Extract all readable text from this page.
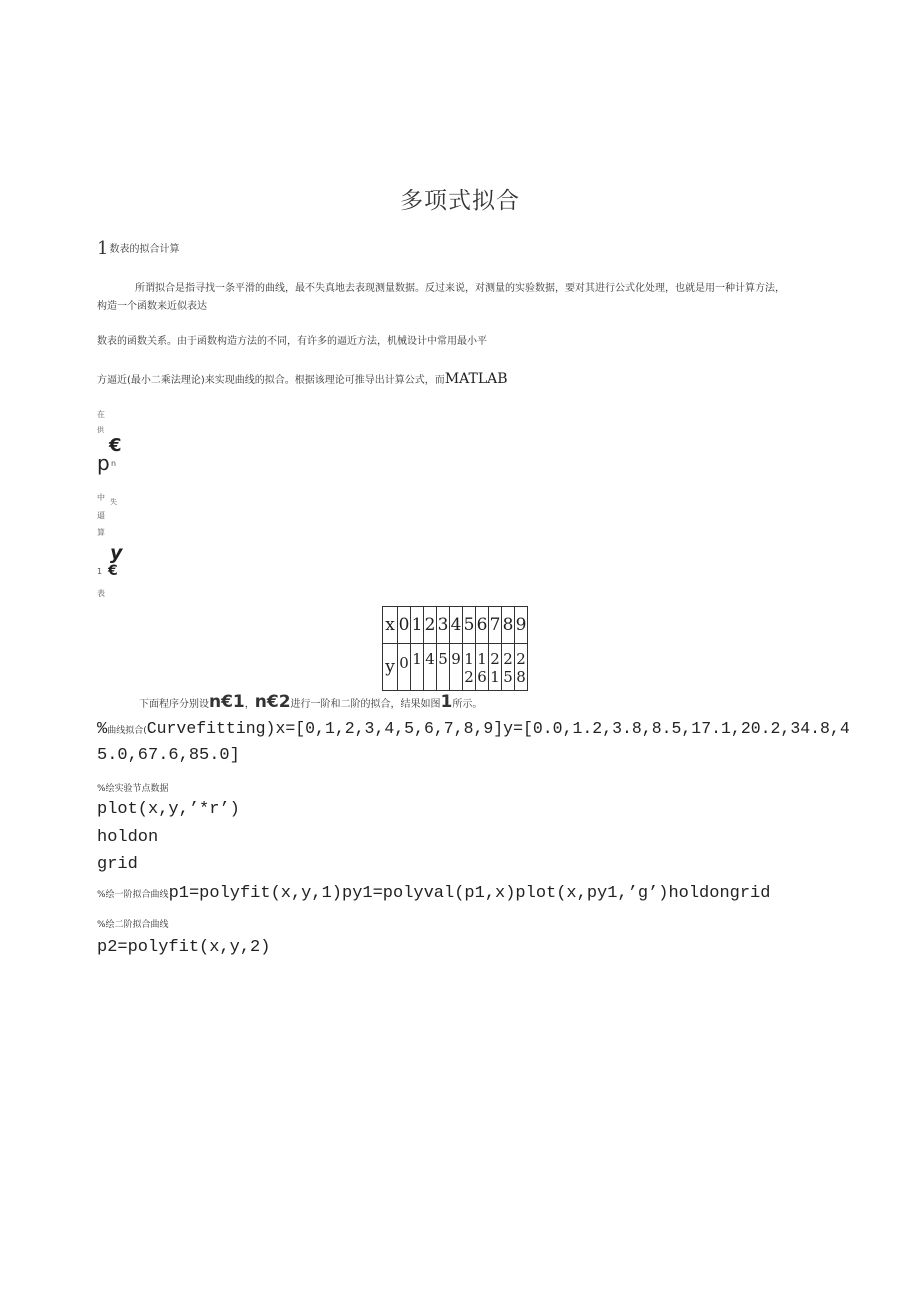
多项式拟合
1数表的拟合计算
所谓拟合是指寻找一条平滑的曲线，最不失真地去表现测量数据。反过来说，对测量的实验数据，要对其进行公式化处理，也就是用一种计算方法，
构造一个函数来近似表达
数表的函数关系。由于函数构造方法的不同，有许多的逼近方法，机械设计中常用最小平
方逼近(最小二乘法理论)来实现曲线的拟合。根据该理论可推导出计算公式，而MATLAB
在
供
€
p n
中 失
逼
算
y
1 €
表
x	0	1	2	3	4	5	6	7	8	9
y	0	1	4	5	9	1 2	1 6	2 1	2 5	2 8
下面程序分别设n€1，n€2进行一阶和二阶的拟合，结果如图1所示。
%曲线拟合(Curvefitting)x=[0,1,2,3,4,5,6,7,8,9]y=[0.0,1.2,3.8,8.5,17.1,20.2,34.8,4
5.0,67.6,85.0]
%绘实验节点数据
plot(x,y,’*r’)
holdon
grid
%绘一阶拟合曲线p1=polyfit(x,y,1)py1=polyval(p1,x)plot(x,py1,’g’)holdongrid
%绘二阶拟合曲线
p2=polyfit(x,y,2)
